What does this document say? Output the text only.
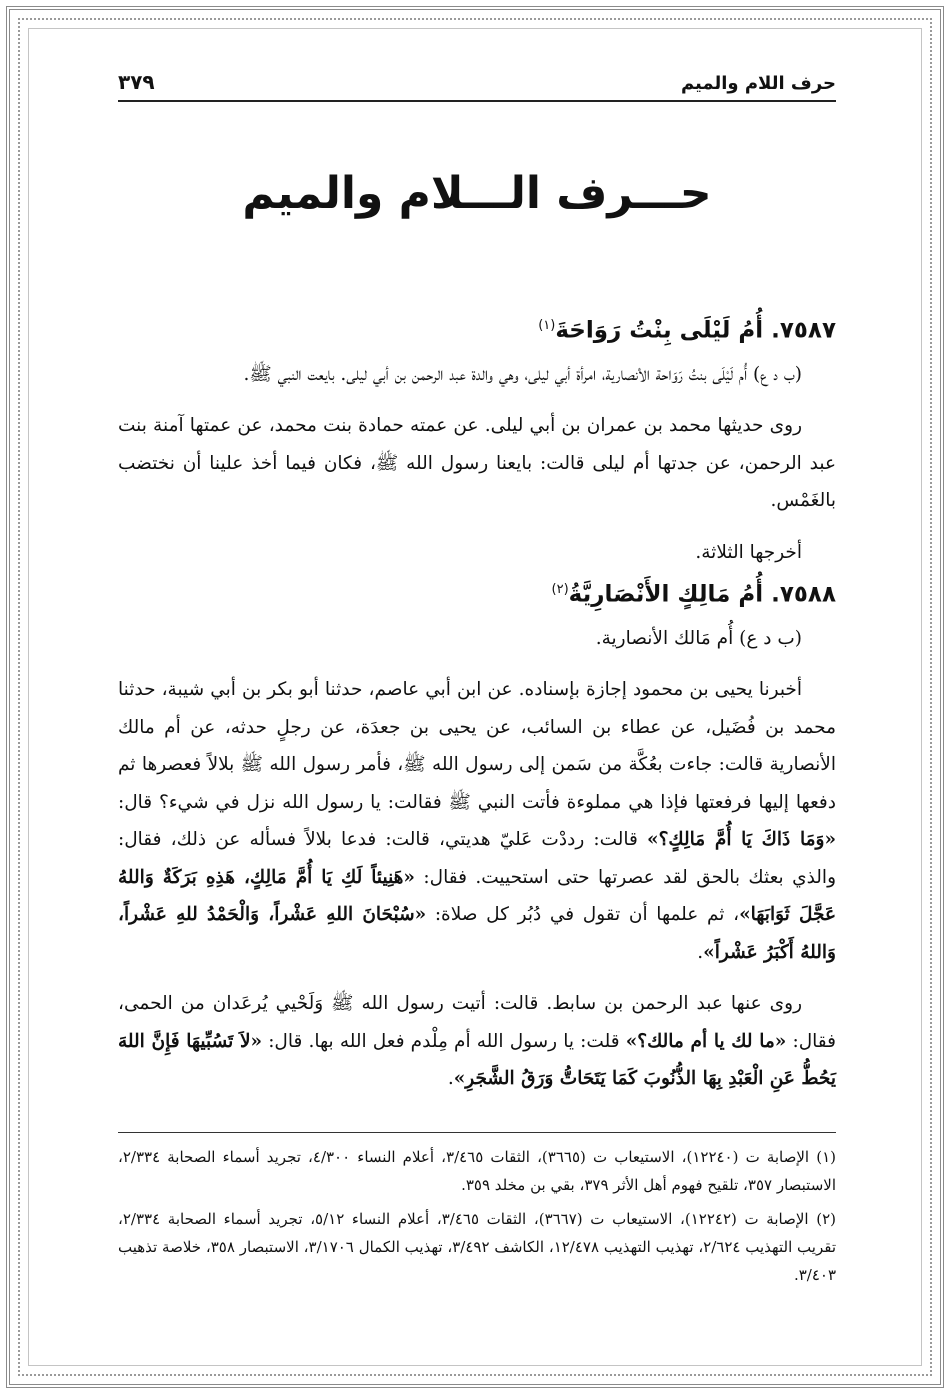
حرف اللام والميم
٣٧٩
حـــرف الـــلام والميم
٧٥٨٧. أُمُ لَيْلَى بِنْتُ رَوَاحَةَ$^{(١)}$

(ب د ع) أُم لَيْلَى بنتُ رَوَاحة الأنصارية، امرأة أبي ليلى، وهي والدة عبد الرحمن بن أبي ليلى. بايعت النبي ﷺ.

روى حديثها محمد بن عمران بن أبي ليلى. عن عمته حمادة بنت محمد، عن عمتها آمنة بنت عبد الرحمن، عن جدتها أم ليلى قالت: بايعنا رسول الله ﷺ، فكان فيما أخذ علينا أن نختضب بالغَمْس.

أخرجها الثلاثة.

٧٥٨٨. أُمُ مَالِكٍ الأَنْصَارِيَّةُ$^{(٢)}$

(ب د ع) أُم مَالك الأنصارية.

أخبرنا يحيى بن محمود إجازة بإسناده. عن ابن أبي عاصم، حدثنا أبو بكر بن أبي شيبة، حدثنا محمد بن فُضَيل، عن عطاء بن السائب، عن يحيى بن جعدَة، عن رجلٍ حدثه، عن أم مالك الأنصارية قالت: جاءت بعُكَّة من سَمن إلى رسول الله ﷺ، فأمر رسول الله ﷺ بلالاً فعصرها ثم دفعها إليها فرفعتها فإذا هي مملوءة فأتت النبي ﷺ فقالت: يا رسول الله نزل في شيء؟ قال: «وَمَا ذَاكَ يَا أُمَّ مَالِكٍ؟» قالت: رددْت عَليّ هديتي، قالت: فدعا بلالاً فسأله عن ذلك، فقال: والذي بعثك بالحق لقد عصرتها حتى استحييت. فقال: «هَنِيئاً لَكِ يَا أُمَّ مَالِكٍ، هَذِهِ بَرَكَةٌ وَاللهُ عَجَّلَ ثَوَابَهَا»، ثم علمها أن تقول في دُبُر كل صلاة: «سُبْحَانَ اللهِ عَشْراً، وَالْحَمْدُ للهِ عَشْراً، وَاللهُ أَكْبَرُ عَشْراً».

روى عنها عبد الرحمن بن سابط. قالت: أتيت رسول الله ﷺ وَلَحْيي يُرعَدان من الحمى، فقال: «ما لك يا أم مالك؟» قلت: يا رسول الله أم مِلْدم فعل الله بها. قال: «لاَ تَسُبِّيهَا فَإِنَّ اللهَ يَحُطُّ عَنِ الْعَبْدِ بِهَا الذُّنُوبَ كَمَا يَتَحَاتُّ وَرَقُ الشَّجَرِ».

(١) الإصابة ت (١٢٢٤٠)، الاستيعاب ت (٣٦٦٥)، الثقات ٣/٤٦٥، أعلام النساء ٤/٣٠٠، تجريد أسماء الصحابة ٢/٣٣٤، الاستبصار ٣٥٧، تلقيح فهوم أهل الأثر ٣٧٩، بقي بن مخلد ٣٥٩.

(٢) الإصابة ت (١٢٢٤٢)، الاستيعاب ت (٣٦٦٧)، الثقات ٣/٤٦٥، أعلام النساء ٥/١٢، تجريد أسماء الصحابة ٢/٣٣٤، تقريب التهذيب ٢/٦٢٤، تهذيب التهذيب ١٢/٤٧٨، الكاشف ٣/٤٩٢، تهذيب الكمال ٣/١٧٠٦، الاستبصار ٣٥٨، خلاصة تذهيب ٣/٤٠٣.
